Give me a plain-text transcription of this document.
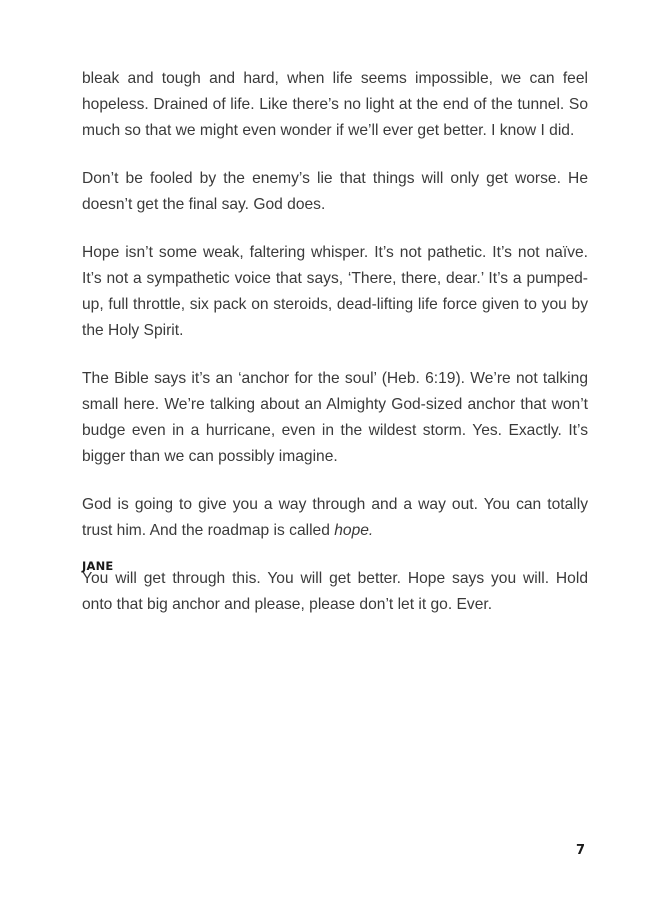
bleak and tough and hard, when life seems impossible, we can feel hopeless. Drained of life. Like there’s no light at the end of the tunnel. So much so that we might even wonder if we’ll ever get better. I know I did.

Don’t be fooled by the enemy’s lie that things will only get worse. He doesn’t get the final say. God does.

Hope isn’t some weak, faltering whisper. It’s not pathetic. It’s not naïve. It’s not a sympathetic voice that says, ‘There, there, dear.’ It’s a pumped-up, full throttle, six pack on steroids, dead-lifting life force given to you by the Holy Spirit.

The Bible says it’s an ‘anchor for the soul’ (Heb. 6:19). We’re not talking small here. We’re talking about an Almighty God-sized anchor that won’t budge even in a hurricane, even in the wildest storm. Yes. Exactly. It’s bigger than we can possibly imagine.

God is going to give you a way through and a way out. You can totally trust him. And the roadmap is called hope.

You will get through this. You will get better. Hope says you will. Hold onto that big anchor and please, please don’t let it go. Ever.

JANE
7
